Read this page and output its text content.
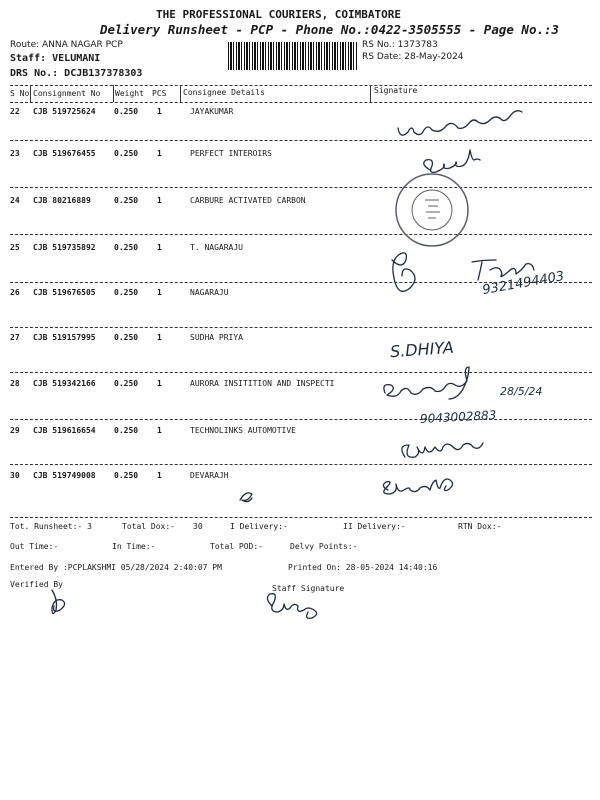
THE PROFESSIONAL COURIERS, COIMBATORE
Delivery Runsheet - PCP - Phone No.:0422-3505555 - Page No.:3
Route: ANNA NAGAR PCP
Staff: VELUMANI
DRS No.: DCJB137378303
RS No.: 1373783
RS Date: 28-May-2024
S No Consignment No Weight PCS Consignee Details	Signature
22 CJB 519725624 0.250 1	JAYAKUMAR
23 CJB 519676455 0.250 1	PERFECT INTEROIRS
24 CJB 80216889	0.250 1	CARBURE ACTIVATED CARBON
25 CJB 519735892 0.250 1	T. NAGARAJU
26 CJB 519676505 0.250 1	NAGARAJU
27 CJB 519157995 0.250 1	SUDHA PRIYA
28 CJB 519342166 0.250 1	AURORA INSITITION AND INSPECTI
29 CJB 519616654 0.250 1	TECHNOLINKS AUTOMOTIVE
30 CJB 519749008 0.250 1	DEVARAJH
Tot. Runsheet:- 3	Total Dox:- 30	I Delivery:-	II Delivery:-	RTN Dox:-
Out Time:-	In Time:-	Total POD:-	Delvy Points:-
Entered By :PCPLAKSHMI 05/28/2024 2:40:07 PM	Printed On: 28-05-2024 14:40:16
Verified By	Staff Signature
9321494403
S.DHIYA
28/5/24
9043002883
